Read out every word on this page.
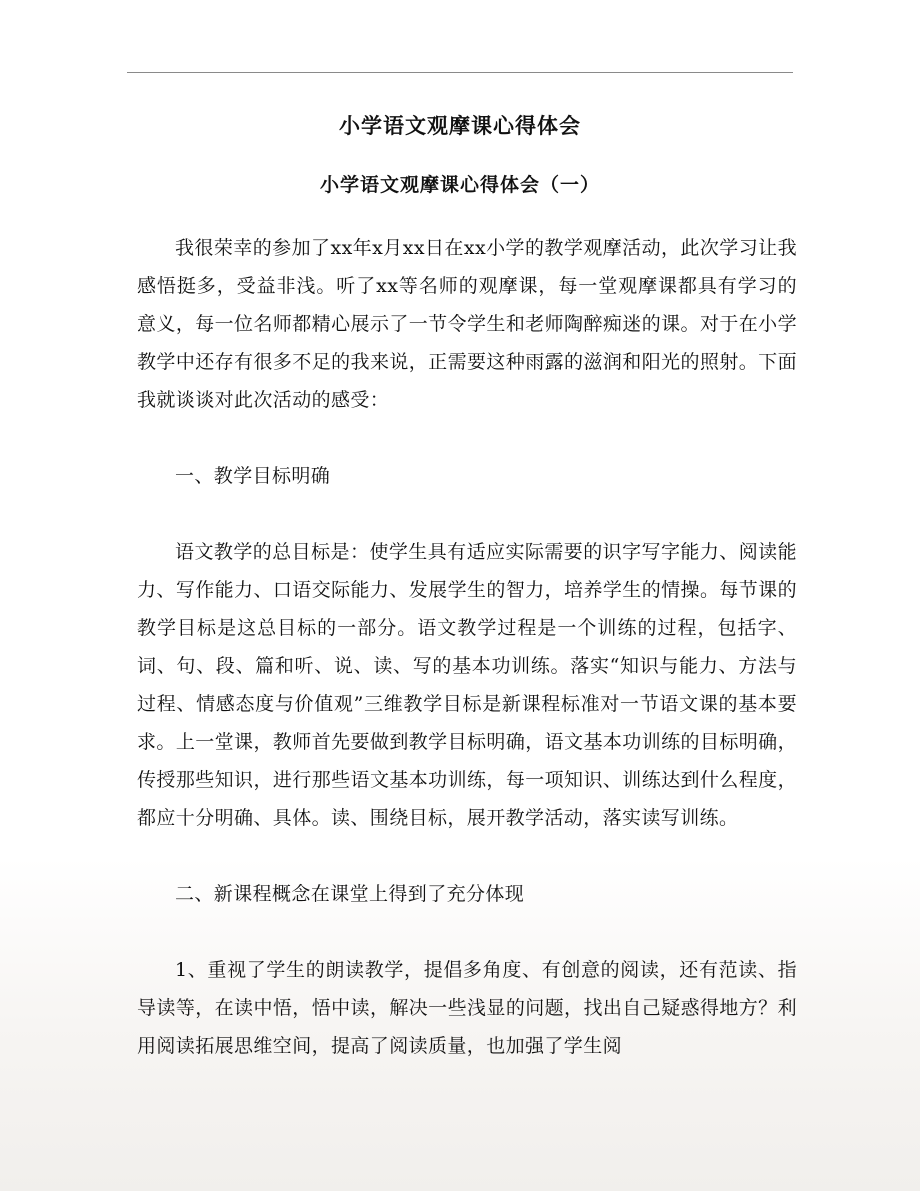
小学语文观摩课心得体会
小学语文观摩课心得体会（一）

我很荣幸的参加了xx年x月xx日在xx小学的教学观摩活动，此次学习让我感悟挺多，受益非浅。听了xx等名师的观摩课，每一堂观摩课都具有学习的意义，每一位名师都精心展示了一节令学生和老师陶醉痴迷的课。对于在小学教学中还存有很多不足的我来说，正需要这种雨露的滋润和阳光的照射。下面我就谈谈对此次活动的感受：

一、教学目标明确

语文教学的总目标是：使学生具有适应实际需要的识字写字能力、阅读能力、写作能力、口语交际能力、发展学生的智力，培养学生的情操。每节课的教学目标是这总目标的一部分。语文教学过程是一个训练的过程，包括字、词、句、段、篇和听、说、读、写的基本功训练。落实“知识与能力、方法与过程、情感态度与价值观”三维教学目标是新课程标准对一节语文课的基本要求。上一堂课，教师首先要做到教学目标明确，语文基本功训练的目标明确，传授那些知识，进行那些语文基本功训练，每一项知识、训练达到什么程度，都应十分明确、具体。读、围绕目标，展开教学活动，落实读写训练。

二、新课程概念在课堂上得到了充分体现

1、重视了学生的朗读教学，提倡多角度、有创意的阅读，还有范读、指导读等，在读中悟，悟中读，解决一些浅显的问题，找出自己疑惑得地方？利用阅读拓展思维空间，提高了阅读质量，也加强了学生阅
